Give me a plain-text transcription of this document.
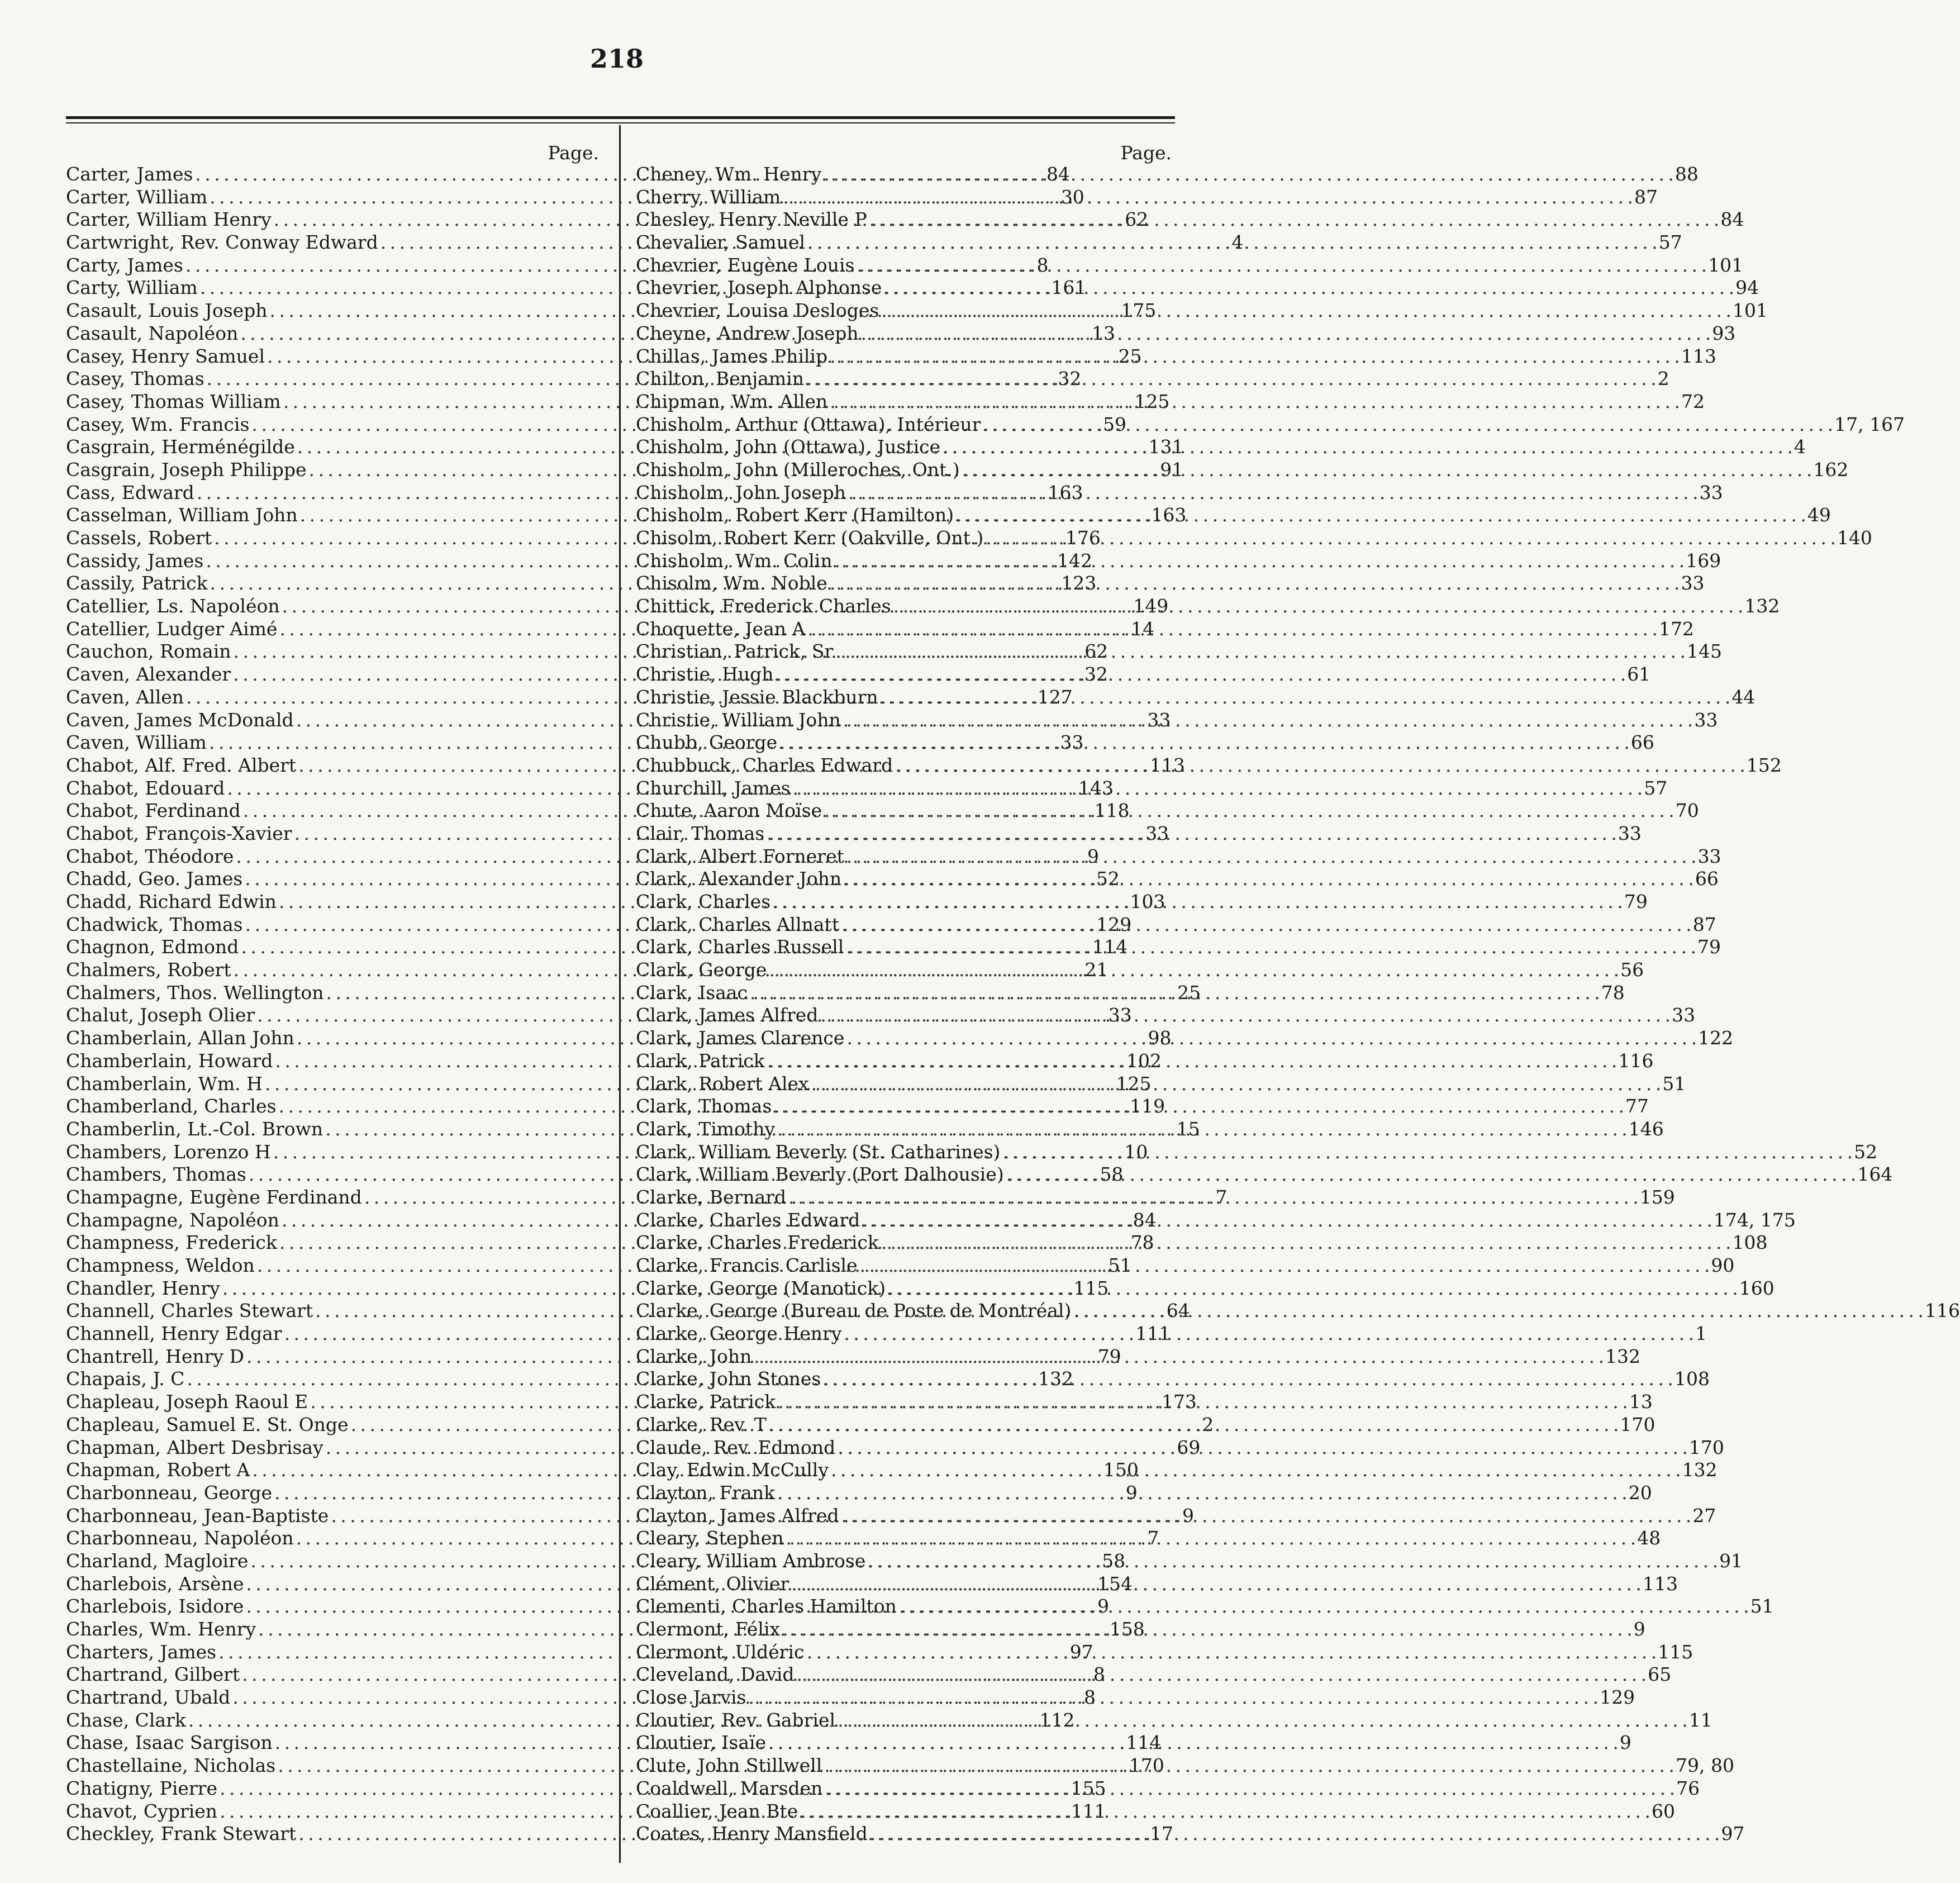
218
Page.
Carter, James . . .	84
Carter, William . . .	30
Carter, William Henry . . .	62
Cartwright, Rev. Conway Edward . . .	4
Carty, James . . .	8
Carty, William . . .	161
Casault, Louis Joseph . . .	175
Casault, Napoléon . . .	13
Casey, Henry Samuel . . .	25
Casey, Thomas . . .	32
Casey, Thomas William . . .	125
Casey, Wm. Francis . . .	59
Casgrain, Herménégilde . . .	131
Casgrain, Joseph Philippe . . .	91
Cass, Edward . . .	163
Casselman, William John . . .	163
Cassels, Robert . . .	176
Cassidy, James . . .	142
Cassily, Patrick . . .	123
Catellier, Ls. Napoléon . . .	149
Catellier, Ludger Aimé . . .	14
Cauchon, Romain . . .	62
Caven, Alexander . . .	32
Caven, Allen . . .	127
Caven, James McDonald . . .	33
Caven, William . . .	33
Chabot, Alf. Fred. Albert . . .	113
Chabot, Edouard . . .	143
Chabot, Ferdinand . . .	118
Chabot, François-Xavier . . .	33
Chabot, Théodore . . .	9
Chadd, Geo. James . . .	52
Chadd, Richard Edwin . . .	103
Chadwick, Thomas . . .	129
Chagnon, Edmond . . .	114
Chalmers, Robert . . .	21
Chalmers, Thos. Wellington . . .	25
Chalut, Joseph Olier . . .	33
Chamberlain, Allan John . . .	98
Chamberlain, Howard . . .	102
Chamberlain, Wm. H . . .	125
Chamberland, Charles . . .	119
Chamberlin, Lt.-Col. Brown . . .	15
Chambers, Lorenzo H . . .	10
Chambers, Thomas . . .	58
Champagne, Eugène Ferdinand . . .	7
Champagne, Napoléon . . .	84
Champness, Frederick . . .	78
Champness, Weldon . . .	51
Chandler, Henry . . .	115
Channell, Charles Stewart . . .	64
Channell, Henry Edgar . . .	111
Chantrell, Henry D . . .	79
Chapais, J. C . . .	132
Chapleau, Joseph Raoul E . . .	173
Chapleau, Samuel E. St. Onge . . .	2
Chapman, Albert Desbrisay . . .	69
Chapman, Robert A . . .	150
Charbonneau, George . . .	9
Charbonneau, Jean-Baptiste . . .	9
Charbonneau, Napoléon . . .	7
Charland, Magloire . . .	58
Charlebois, Arsène . . .	154
Charlebois, Isidore . . .	9
Charles, Wm. Henry . . .	158
Charters, James . . .	97
Chartrand, Gilbert . . .	8
Chartrand, Ubald . . .	8
Chase, Clark . . .	112
Chase, Isaac Sargison . . .	114
Chastellaine, Nicholas . . .	170
Chatigny, Pierre . . .	155
Chavot, Cyprien . . .	111
Checkley, Frank Stewart . . .	17
Page.
Cheney, Wm. Henry . . .	88
Cherry, William . . .	87
Chesley, Henry Neville P . . .	84
Chevalier, Samuel . . .	57
Chevrier, Eugène Louis . . .	101
Chevrier, Joseph Alphonse . . .	94
Chevrier, Louisa Desloges . . .	101
Cheyne, Andrew Joseph . . .	93
Chillas, James Philip . . .	113
Chilton, Benjamin . . .	2
Chipman, Wm. Allen . . .	72
Chisholm, Arthur (Ottawa), Intérieur . . .	17, 167
Chisholm, John (Ottawa), Justice . . .	4
Chisholm, John (Milleroches, Ont.) . . .	162
Chisholm, John Joseph . . .	33
Chisholm, Robert Kerr (Hamilton) . . .	49
Chisolm, Robert Kerr (Oakville, Ont.) . . .	140
Chisholm, Wm. Colin . . .	169
Chisolm, Wm. Noble . . .	33
Chittick, Frederick Charles . . .	132
Choquette, Jean A . . .	172
Christian, Patrick, Sr . . .	145
Christie, Hugh . . .	61
Christie, Jessie Blackburn . . .	44
Christie, William John . . .	33
Chubb, George . . .	66
Chubbuck, Charles Edward . . .	152
Churchill, James . . .	57
Chute, Aaron Moïse . . .	70
Clair, Thomas . . .	33
Clark, Albert Forneret . . .	33
Clark, Alexander John . . .	66
Clark, Charles . . .	79
Clark, Charles Allnatt . . .	87
Clark, Charles Russell . . .	79
Clark, George . . .	56
Clark, Isaac . . .	78
Clark, James Alfred . . .	33
Clark, James Clarence . . .	122
Clark, Patrick . . .	116
Clark, Robert Alex . . .	51
Clark, Thomas . . .	77
Clark, Timothy . . .	146
Clark, William Beverly (St. Catharines) . . .	52
Clark, William Beverly (Port Dalhousie) . . .	164
Clarke, Bernard . . .	159
Clarke, Charles Edward . . .	174, 175
Clarke, Charles Frederick . . .	108
Clarke, Francis Carlisle . . .	90
Clarke, George (Manotick) . . .	160
Clarke, George (Bureau de Poste de Montréal) . . .	116
Clarke, George Henry . . .	1
Clarke, John . . .	132
Clarke, John Stones . . .	108
Clarke, Patrick . . .	13
Clarke, Rev. T . . .	170
Claude, Rev. Edmond . . .	170
Clay, Edwin McCully . . .	132
Clayton, Frank . . .	20
Clayton, James Alfred . . .	27
Cleary, Stephen . . .	48
Cleary, William Ambrose . . .	91
Clément, Olivier . . .	113
Clementi, Charles Hamilton . . .	51
Clermont, Félix . . .	9
Clermont, Uldéric . . .	115
Cleveland, David . . .	65
Close Jarvis . . .	129
Cloutier, Rev. Gabriel . . .	11
Cloutier, Isaïe . . .	9
Clute, John Stillwell . . .	79, 80
Coaldwell, Marsden . . .	76
Coallier, Jean Bte . . .	60
Coates, Henry Mansfield . . .	97
